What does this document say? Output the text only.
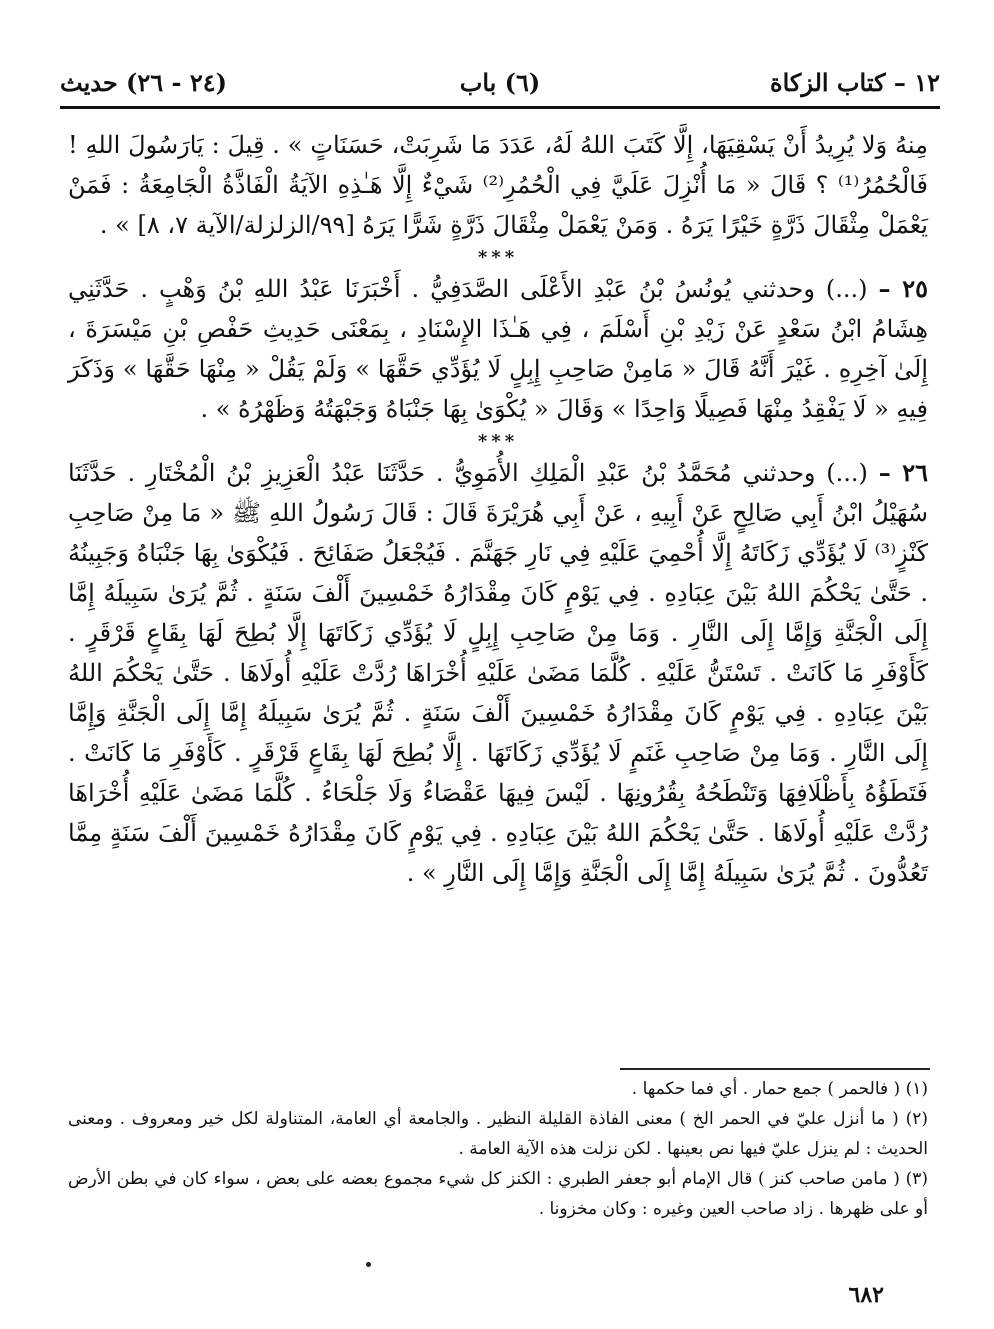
١٢ – كتاب الزكاة
(٦) باب
(٢٤ - ٢٦) حديث

مِنهُ وَلا يُرِيدُ أَنْ يَسْقِيَهَا، إِلَّا كَتَبَ اللهُ لَهُ، عَدَدَ مَا شَرِبَتْ، حَسَنَاتٍ » . قِيلَ : يَارَسُولَ اللهِ ! فَالْحُمُرُ⁽¹⁾ ؟ قَالَ « مَا أُنْزِلَ عَلَيَّ فِي الْحُمُرِ⁽²⁾ شَيْءٌ إِلَّا هَـٰذِهِ الآيَةُ الْفَاذَّةُ الْجَامِعَةُ : فَمَنْ يَعْمَلْ مِثْقَالَ ذَرَّةٍ خَيْرًا يَرَهُ . وَمَنْ يَعْمَلْ مِثْقَالَ ذَرَّةٍ شَرًّا يَرَهُ [٩٩/الزلزلة/الآية ٧، ٨] » .

***

٢٥ – (...) وحدثني يُونُسُ بْنُ عَبْدِ الأَعْلَى الصَّدَفِيُّ . أَخْبَرَنَا عَبْدُ اللهِ بْنُ وَهْبٍ . حَدَّثَنِي هِشَامُ ابْنُ سَعْدٍ عَنْ زَيْدِ بْنِ أَسْلَمَ ، فِي هَـٰذَا الإِسْنَادِ ، بِمَعْنَى حَدِيثِ حَفْصِ بْنِ مَيْسَرَةَ ، إِلَىٰ آخِرِهِ . غَيْرَ أَنَّهُ قَالَ « مَامِنْ صَاحِبِ إِبِلٍ لَا يُؤَدِّي حَقَّهَا » وَلَمْ يَقُلْ « مِنْهَا حَقَّهَا » وَذَكَرَ فِيهِ « لَا يَفْقِدُ مِنْهَا فَصِيلًا وَاحِدًا » وَقَالَ « يُكْوَىٰ بِهَا جَنْبَاهُ وَجَبْهَتُهُ وَظَهْرُهُ » .

***

٢٦ – (...) وحدثني مُحَمَّدُ بْنُ عَبْدِ الْمَلِكِ الأُمَوِيُّ . حَدَّثَنَا عَبْدُ الْعَزِيزِ بْنُ الْمُخْتَارِ . حَدَّثَنَا سُهَيْلُ ابْنُ أَبِي صَالِحٍ عَنْ أَبِيهِ ، عَنْ أَبِي هُرَيْرَةَ قَالَ : قَالَ رَسُولُ اللهِ ﷺ « مَا مِنْ صَاحِبِ كَنْزٍ⁽³⁾ لَا يُؤَدِّي زَكَاتَهُ إِلَّا أُحْمِيَ عَلَيْهِ فِي نَارِ جَهَنَّمَ . فَيُجْعَلُ صَفَائِحَ . فَيُكْوَىٰ بِهَا جَنْبَاهُ وَجَبِينُهُ . حَتَّىٰ يَحْكُمَ اللهُ بَيْنَ عِبَادِهِ . فِي يَوْمٍ كَانَ مِقْدَارُهُ خَمْسِينَ أَلْفَ سَنَةٍ . ثُمَّ يُرَىٰ سَبِيلَهُ إِمَّا إِلَى الْجَنَّةِ وَإِمَّا إِلَى النَّارِ . وَمَا مِنْ صَاحِبِ إِبِلٍ لَا يُؤَدِّي زَكَاتَهَا إِلَّا بُطِحَ لَهَا بِقَاعٍ قَرْقَرٍ . كَأَوْفَرِ مَا كَانَتْ . تَسْتَنُّ عَلَيْهِ . كُلَّمَا مَضَىٰ عَلَيْهِ أُخْرَاهَا رُدَّتْ عَلَيْهِ أُولَاهَا . حَتَّىٰ يَحْكُمَ اللهُ بَيْنَ عِبَادِهِ . فِي يَوْمٍ كَانَ مِقْدَارُهُ خَمْسِينَ أَلْفَ سَنَةٍ . ثُمَّ يُرَىٰ سَبِيلَهُ إِمَّا إِلَى الْجَنَّةِ وَإِمَّا إِلَى النَّارِ . وَمَا مِنْ صَاحِبِ غَنَمٍ لَا يُؤَدِّي زَكَاتَهَا . إِلَّا بُطِحَ لَهَا بِقَاعٍ قَرْقَرٍ . كَأَوْفَرِ مَا كَانَتْ . فَتَطَؤُهُ بِأَظْلَافِهَا وَتَنْطَحُهُ بِقُرُونِهَا . لَيْسَ فِيهَا عَقْصَاءُ وَلَا جَلْحَاءُ . كُلَّمَا مَضَىٰ عَلَيْهِ أُخْرَاهَا رُدَّتْ عَلَيْهِ أُولَاهَا . حَتَّىٰ يَحْكُمَ اللهُ بَيْنَ عِبَادِهِ . فِي يَوْمٍ كَانَ مِقْدَارُهُ خَمْسِينَ أَلْفَ سَنَةٍ مِمَّا تَعُدُّونَ . ثُمَّ يُرَىٰ سَبِيلَهُ إِمَّا إِلَى الْجَنَّةِ وَإِمَّا إِلَى النَّارِ » .

(١) ( فالحمر ) جمع حمار . أي فما حكمها .

(٢) ( ما أنزل عليّ في الحمر الخ ) معنى الفاذة القليلة النظير . والجامعة أي العامة، المتناولة لكل خير ومعروف . ومعنى الحديث : لم ينزل عليّ فيها نص بعينها . لكن نزلت هذه الآية العامة .

(٣) ( مامن صاحب كنز ) قال الإمام أبو جعفر الطبري : الكنز كل شيء مجموع بعضه على بعض ، سواء كان في بطن الأرض أو على ظهرها . زاد صاحب العين وغيره : وكان مخزونا .

٦٨٢
